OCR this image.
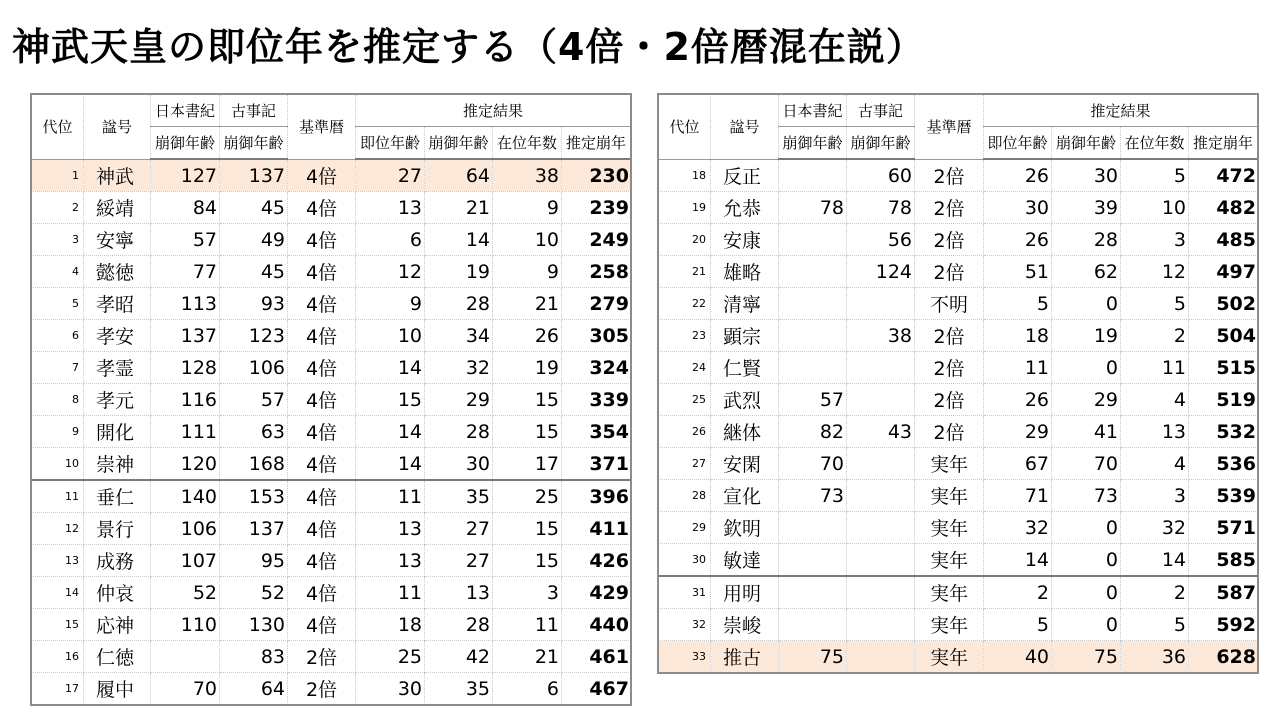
神武天皇の即位年を推定する（4倍・2倍暦混在説）
代位	諡号	日本書紀	古事記	基準暦	推定結果			
		崩御年齢	崩御年齢		即位年齢	崩御年齢	在位年数	推定崩年
1	神武	127	137	4倍	27	64	38	230
2	綏靖	84	45	4倍	13	21	9	239
3	安寧	57	49	4倍	6	14	10	249
4	懿徳	77	45	4倍	12	19	9	258
5	孝昭	113	93	4倍	9	28	21	279
6	孝安	137	123	4倍	10	34	26	305
7	孝霊	128	106	4倍	14	32	19	324
8	孝元	116	57	4倍	15	29	15	339
9	開化	111	63	4倍	14	28	15	354
10	崇神	120	168	4倍	14	30	17	371
11	垂仁	140	153	4倍	11	35	25	396
12	景行	106	137	4倍	13	27	15	411
13	成務	107	95	4倍	13	27	15	426
14	仲哀	52	52	4倍	11	13	3	429
15	応神	110	130	4倍	18	28	11	440
16	仁徳		83	2倍	25	42	21	461
17	履中	70	64	2倍	30	35	6	467
代位	諡号	日本書紀	古事記	基準暦	推定結果			
		崩御年齢	崩御年齢		即位年齢	崩御年齢	在位年数	推定崩年
18	反正		60	2倍	26	30	5	472
19	允恭	78	78	2倍	30	39	10	482
20	安康		56	2倍	26	28	3	485
21	雄略		124	2倍	51	62	12	497
22	清寧			不明	5	0	5	502
23	顕宗		38	2倍	18	19	2	504
24	仁賢			2倍	11	0	11	515
25	武烈	57		2倍	26	29	4	519
26	継体	82	43	2倍	29	41	13	532
27	安閑	70		実年	67	70	4	536
28	宣化	73		実年	71	73	3	539
29	欽明			実年	32	0	32	571
30	敏達			実年	14	0	14	585
31	用明			実年	2	0	2	587
32	崇峻			実年	5	0	5	592
33	推古	75		実年	40	75	36	628
